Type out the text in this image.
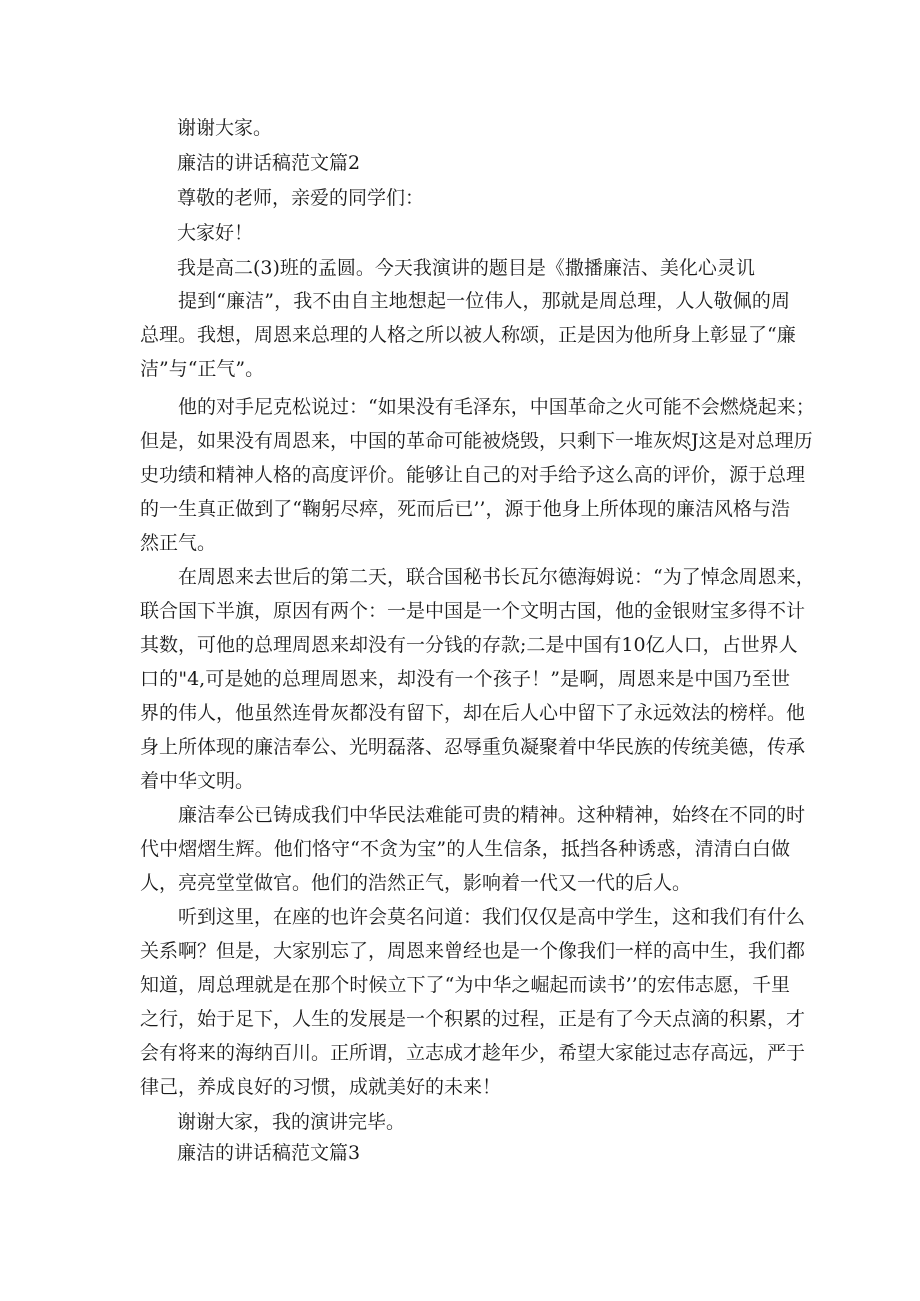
谢谢大家。
廉洁的讲话稿范文篇2
尊敬的老师，亲爱的同学们：
大家好！
我是高二(3)班的孟圆。今天我演讲的题目是《撒播廉洁、美化心灵讥
提到“廉洁”，我不由自主地想起一位伟人，那就是周总理，人人敬佩的周
总理。我想，周恩来总理的人格之所以被人称颂，正是因为他所身上彰显了“廉
洁”与“正气”。
他的对手尼克松说过：“如果没有毛泽东，中国革命之火可能不会燃烧起来；
但是，如果没有周恩来，中国的革命可能被烧毁，只剩下一堆灰烬J这是对总理历
史功绩和精神人格的高度评价。能够让自己的对手给予这么高的评价，源于总理
的一生真正做到了“鞠躬尽瘁，死而后已’’，源于他身上所体现的廉洁风格与浩
然正气。
在周恩来去世后的第二天，联合国秘书长瓦尔德海姆说：“为了悼念周恩来，
联合国下半旗，原因有两个：一是中国是一个文明古国，他的金银财宝多得不计
其数，可他的总理周恩来却没有一分钱的存款;二是中国有10亿人口，占世界人
口的"4,可是她的总理周恩来，却没有一个孩子！”是啊，周恩来是中国乃至世
界的伟人，他虽然连骨灰都没有留下，却在后人心中留下了永远效法的榜样。他
身上所体现的廉洁奉公、光明磊落、忍辱重负凝聚着中华民族的传统美德，传承
着中华文明。
廉洁奉公已铸成我们中华民法难能可贵的精神。这种精神，始终在不同的时
代中熠熠生辉。他们恪守“不贪为宝”的人生信条，抵挡各种诱惑，清清白白做
人，亮亮堂堂做官。他们的浩然正气，影响着一代又一代的后人。
听到这里，在座的也许会莫名问道：我们仅仅是高中学生，这和我们有什么
关系啊？但是，大家别忘了，周恩来曾经也是一个像我们一样的高中生，我们都
知道，周总理就是在那个时候立下了“为中华之崛起而读书’’的宏伟志愿，千里
之行，始于足下，人生的发展是一个积累的过程，正是有了今天点滴的积累，才
会有将来的海纳百川。正所谓，立志成才趁年少，希望大家能过志存高远，严于
律己，养成良好的习惯，成就美好的未来！
谢谢大家，我的演讲完毕。
廉洁的讲话稿范文篇3
